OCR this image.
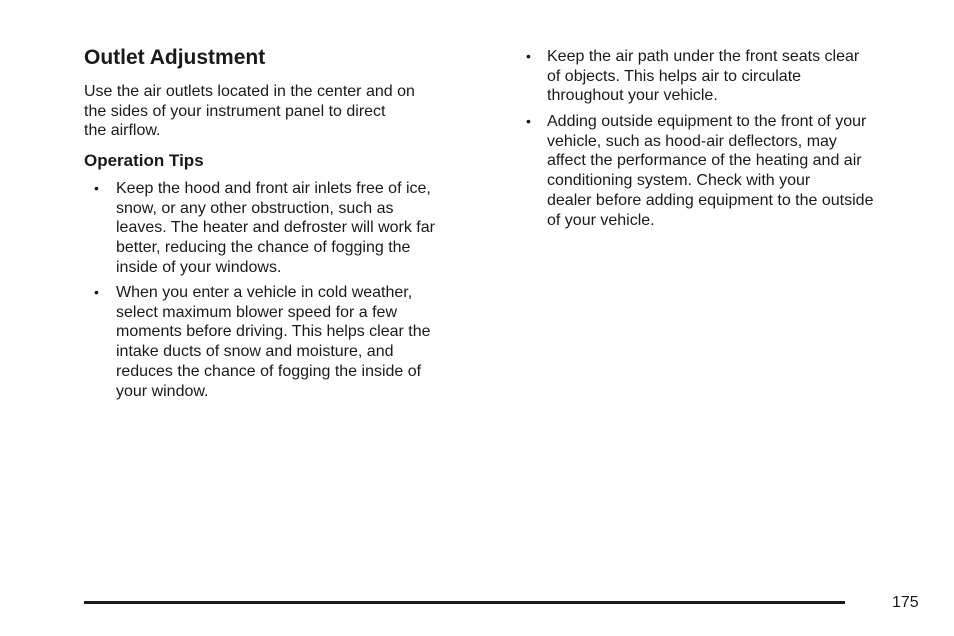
Outlet Adjustment

Use the air outlets located in the center and on
the sides of your instrument panel to direct
the airflow.

Operation Tips
• Keep the hood and front air inlets free of ice,
snow, or any other obstruction, such as
leaves. The heater and defroster will work far
better, reducing the chance of fogging the
inside of your windows.
• When you enter a vehicle in cold weather,
select maximum blower speed for a few
moments before driving. This helps clear the
intake ducts of snow and moisture, and
reduces the chance of fogging the inside of
your window.
• Keep the air path under the front seats clear
of objects. This helps air to circulate
throughout your vehicle.
• Adding outside equipment to the front of your
vehicle, such as hood-air deflectors, may
affect the performance of the heating and air
conditioning system. Check with your
dealer before adding equipment to the outside
of your vehicle.
175
